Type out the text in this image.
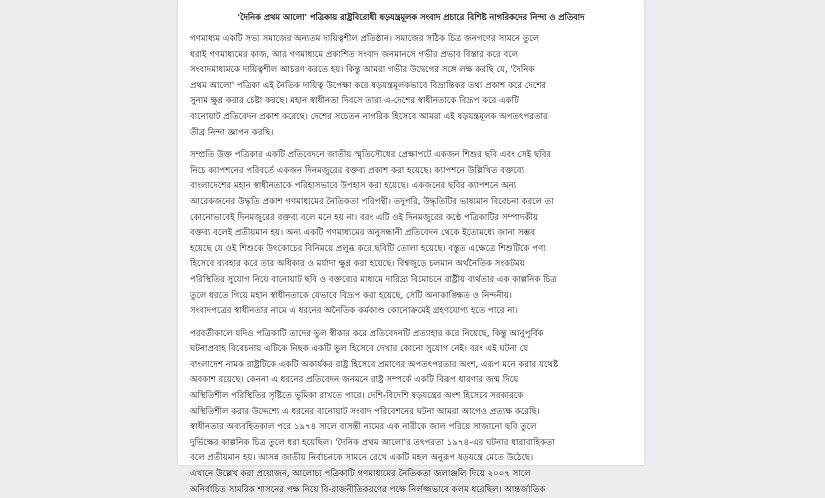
'দৈনিক প্রথম আলো' পত্রিকায় রাষ্ট্রবিরোধী ষড়যন্ত্রমূলক সংবাদ প্রচারে বিশিষ্ট নাগরিকদের নিন্দা ও প্রতিবাদ
গণমাধ্যম একটি সভ্য সমাজের অন্যতম দায়িত্বশীল প্রতিষ্ঠান। সমাজের সঠিক চিত্র জনগণের সামনে তুলে
ধরাই গণমাধ্যমের কাজ, আর গণমাধ্যমে প্রকাশিত সংবাদ জনমানসে গভীর প্রভাব বিস্তার করে বলে
সংবাদমাধ্যমকে দায়িত্বশীল আচরণ করতে হয়। কিন্তু আমরা গভীর উদ্বেগের সঙ্গে লক্ষ করছি যে, 'দৈনিক
প্রথম আলো' পত্রিকা এই নৈতিক দায়িত্ব উপেক্ষা করে ষড়যন্ত্রমূলকভাবে বিভ্রান্তিকর তথ্য প্রকাশ করে দেশের
সুনাম ক্ষুণ্ণ করার চেষ্টা করছে। মহান স্বাধীনতা দিবসে তারা এ-দেশের স্বাধীনতাকে বিদ্রূপ করে একটি
বানোয়াট প্রতিবেদন প্রকাশ করেছে। দেশের সচেতন নাগরিক হিসেবে আমরা এই ষড়যন্ত্রমূলক অপতৎপরতার
তীব্র নিন্দা জ্ঞাপন করছি।
সম্প্রতি উক্ত পত্রিকার একটি প্রতিবেদনে জাতীয় স্মৃতিসৌধের প্রেক্ষাপটে একজন শিশুর ছবি এবং সেই ছবির
নিচে ক্যাপশনের পরিবর্তে একজন দিনমজুরের বক্তব্য প্রকাশ করা হয়েছে। ক্যাপশনে উল্লিখিত বক্তব্যে
বাংলাদেশের মহান স্বাধীনতাকে পরিহাসভাবে উপহাস করা হয়েছে। একজনের ছবির ক্যাপশনে অন্য
আরেকজনের উদ্ধৃতি প্রকাশ গণমাধ্যমের নৈতিকতা পরিপন্থী। তদুপরি, উদ্ধৃতিটির ভাষ্যমান বিবেচনা করলে তা
কোনোভাবেই দিনমজুরের বক্তব্য বলে মনে হয় না। বরং এটি ওই দিনমজুরের কণ্ঠে পত্রিকাটির সম্পাদকীয়
বক্তব্য বলেই প্রতীয়মান হয়। অন্য একটি গণমাধ্যমের অনুসন্ধানী প্রতিবেদন থেকে ইতোমধ্যে জানা সম্ভব
হয়েছে যে ওই শিশুকে উৎকোচের বিনিময়ে প্রলুব্ধ করে ছবিটি তোলা হয়েছে। বস্তুত এক্ষেত্রে শিশুটিকে পণ্য
হিসেবে ব্যবহার করে তার অধিকার ও মর্যাদা ক্ষুণ্ণ করা হয়েছে। বিশ্বজুড়ে চলমান অর্থনৈতিক সংকটময়
পরিস্থিতির সুযোগ নিয়ে বানোয়াট ছবি ও বক্তব্যের মাধ্যমে দারিদ্র্য বিমোচনে রাষ্ট্রীয় ব্যর্থতার এক কাল্পনিক চিত্র
তুলে ধরতে গিয়ে মহান স্বাধীনতাকে যেভাবে বিদ্রূপ করা হয়েছে, সেটি অনাকাঙ্ক্ষিত ও নিন্দনীয়।
সংবাদপত্রের স্বাধীনতার নামে এ ধরনের অনৈতিক কর্মকাণ্ড কোনোক্রমেই গ্রহণযোগ্য হতে পারে না।
পরবর্তীকালে যদিও পত্রিকাটি তাদের ভুল স্বীকার করে প্রতিবেদনটি প্রত্যাহার করে নিয়েছে, কিন্তু আনুপূর্বিক
ঘটনাপ্রবাহ বিবেচনায় এটিকে নিছক একটি ভুল হিসেবে দেখার কোনো সুযোগ নেই। বরং এই ঘটনা যে
বাংলাদেশ নামক রাষ্ট্রটিকে একটি অকার্যকর রাষ্ট্র হিসেবে প্রমাণের অপতৎপরতার অংশ, এরূপ মনে করার যথেষ্ট
অবকাশ রয়েছে। কেননা এ ধরনের প্রতিবেদন জনমনে রাষ্ট্র সম্পর্কে একটি বিরূপ ধারণার জন্ম দিয়ে
অস্থিতিশীল পরিস্থিতির সৃষ্টিতে ভূমিকা রাখতে পারে। দেশি-বিদেশি ষড়যন্ত্রের অংশ হিসেবে সরকারকে
অস্থিতিশীল করার উদ্দেশ্যে এ ধরনের বানোয়াট সংবাদ পরিবেশনের ঘটনা আমরা আগেও প্রত্যক্ষ করেছি।
স্বাধীনতার অব্যবহিতকাল পরে ১৯৭৪ সালে বাসন্তী নামের এক নারীকে জাল পরিয়ে সাজানো ছবি তুলে
দুর্ভিক্ষের কাল্পনিক চিত্র তুলে ধরা হয়েছিল। 'দৈনিক প্রথম আলো'র তৎপরতা ১৯৭৪-এর ঘটনার ধারাবাহিকতা
বলে প্রতীয়মান হয়। আসন্ন জাতীয় নির্বাচনকে সামনে রেখে একটি মহল অনুরূপ ষড়যন্ত্রে মেতে উঠেছে।
এখানে উল্লেখ করা প্রয়োজন, আলোচ্য পত্রিকাটি গণমাধ্যমের নৈতিকতা জলাঞ্জলি দিয়ে ২০০৭ সালে
অনির্বাচিত সামরিক শাসনের পক্ষ নিয়ে বি-রাজনীতিকরণের পক্ষে নির্লজ্জভাবে কলম ধরেছিল। আন্তর্জাতিক
